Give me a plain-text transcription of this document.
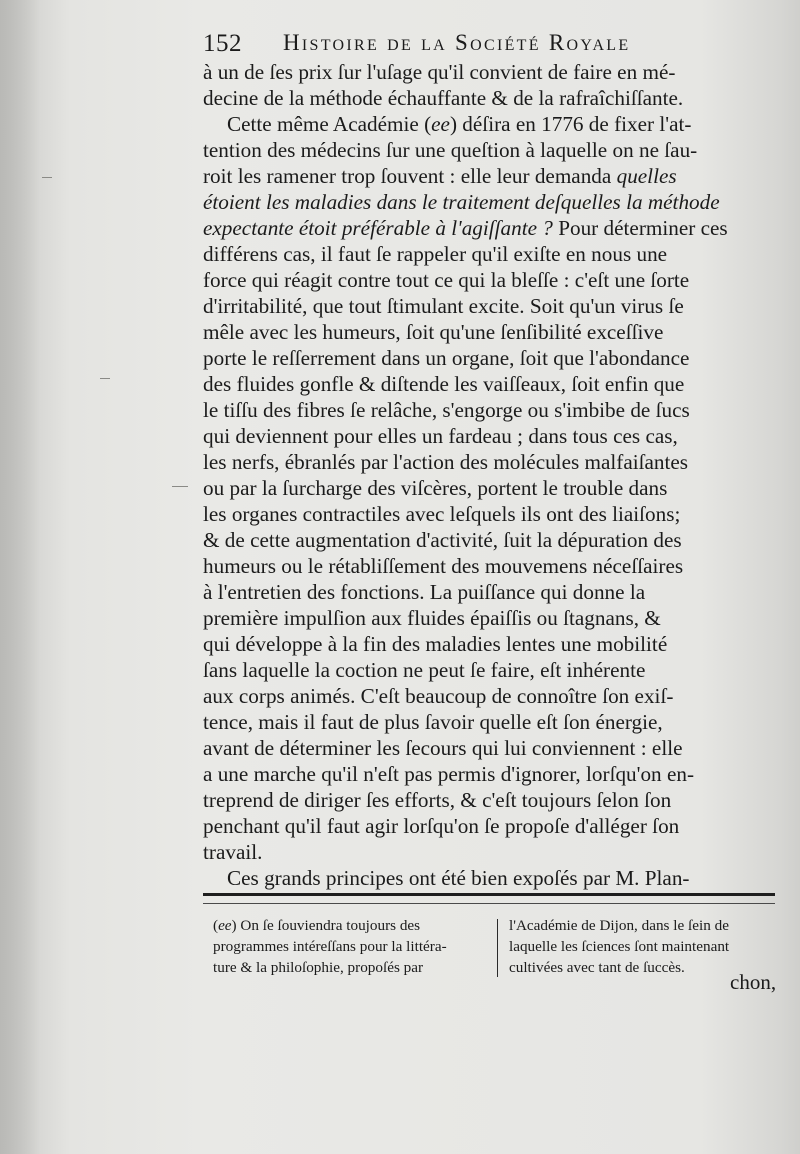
152 Histoire de la Société Royale
à un de ſes prix ſur l'uſage qu'il convient de faire en mé-
decine de la méthode échauffante & de la rafraîchiſſante.
Cette même Académie (ee) déſira en 1776 de fixer l'at-
tention des médecins ſur une queſtion à laquelle on ne ſau-
roit les ramener trop ſouvent : elle leur demanda quelles
étoient les maladies dans le traitement deſquelles la méthode
expectante étoit préférable à l'agiſſante ? Pour déterminer ces
différens cas, il faut ſe rappeler qu'il exiſte en nous une
force qui réagit contre tout ce qui la bleſſe : c'eſt une ſorte
d'irritabilité, que tout ſtimulant excite. Soit qu'un virus ſe
mêle avec les humeurs, ſoit qu'une ſenſibilité exceſſive
porte le reſſerrement dans un organe, ſoit que l'abondance
des fluides gonfle & diſtende les vaiſſeaux, ſoit enfin que
le tiſſu des fibres ſe relâche, s'engorge ou s'imbibe de ſucs
qui deviennent pour elles un fardeau ; dans tous ces cas,
les nerfs, ébranlés par l'action des molécules malfaiſantes
ou par la ſurcharge des viſcères, portent le trouble dans
les organes contractiles avec leſquels ils ont des liaiſons;
& de cette augmentation d'activité, ſuit la dépuration des
humeurs ou le rétabliſſement des mouvemens néceſſaires
à l'entretien des fonctions. La puiſſance qui donne la
première impulſion aux fluides épaiſſis ou ſtagnans, &
qui développe à la fin des maladies lentes une mobilité
ſans laquelle la coction ne peut ſe faire, eſt inhérente
aux corps animés. C'eſt beaucoup de connoître ſon exiſ-
tence, mais il faut de plus ſavoir quelle eſt ſon énergie,
avant de déterminer les ſecours qui lui conviennent : elle
a une marche qu'il n'eſt pas permis d'ignorer, lorſqu'on en-
treprend de diriger ſes efforts, & c'eſt toujours ſelon ſon
penchant qu'il faut agir lorſqu'on ſe propoſe d'alléger ſon
travail.
Ces grands principes ont été bien expoſés par M. Plan-
(ee) On ſe ſouviendra toujours des
programmes intéreſſans pour la littéra-
ture & la philoſophie, propoſés par
l'Académie de Dijon, dans le ſein de
laquelle les ſciences ſont maintenant
cultivées avec tant de ſuccès.
chon,
